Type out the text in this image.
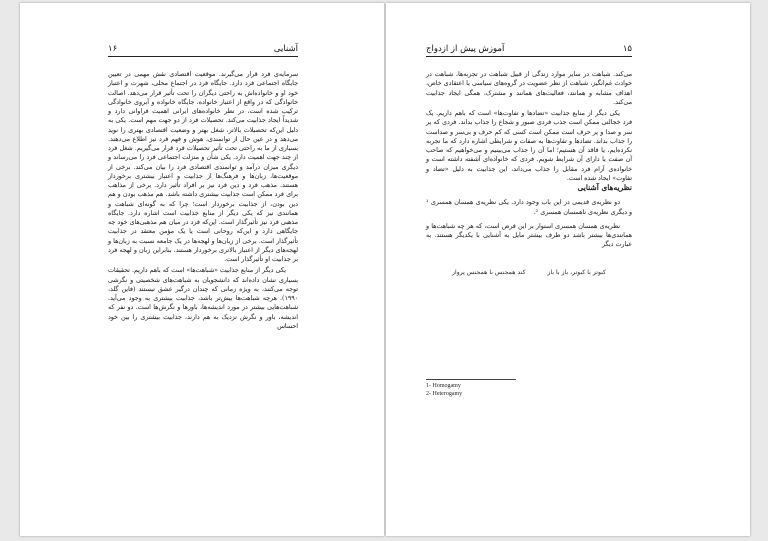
آشنایی
۱۶

سرمایه‌ی فرد قرار می‌گیرند. موقعیت اقتصادی نقش مهمی در تعیین جایگاه اجتماعی فرد دارد. جایگاه فرد در اجتماع محلی، شهرت و اعتبار خود او و خانواده‌اش به راحتی دیگران را تحت تأثیر قرار می‌دهد. اصالت خانوادگی که در واقع از اعتبار خانواده، جایگاه خانواده و آبروی خانوادگی ترکیب شده است، در نظر خانواده‌های ایرانی اهمیت فراوانی دارد و شدیداً ایجاد جذابیت می‌کند. تحصیلات فرد از دو جهت مهم است. یکی به دلیل این‌که تحصیلات بالاتر، شغل بهتر و وضعیت اقتصادی بهتری را نوید می‌دهد و در عین حال از توانمندی، هوش و فهم فرد نیز اطلاع می‌دهند. بسیاری از ما به راحتی تحت تأثیر تحصیلات فرد قرار می‌گیریم. شغل فرد از چند جهت اهمیت دارد. یکی شأن و منزلت اجتماعی فرد را می‌رساند و دیگری میزان درآمد و توانمندی اقتصادی فرد را بیان می‌کند. برخی از موقعیت‌ها، زبان‌ها و فرهنگ‌ها از جذابیت و اعتبار بیشتری برخوردار هستند. مذهب فرد و دین فرد نیز بر افراد تأثیر دارد. برخی از مذاهب برای فرد ممکن است جذابیت بیشتری داشته باشد. هم مذهب بودن و هم دین بودن، از جذابیت برخوردار است؛ چرا که به گونه‌ای شباهت و همانندی نیز که یکی دیگر از منابع جذابیت است اشاره دارد. جایگاه مذهبی فرد نیز تأثیرگذار است. این‌که فرد در میان هم مذهبی‌های خود چه جایگاهی دارد و این‌که روحانی است یا یک مؤمن معتقد در جذابیت تأثیرگذار است. برخی از زبان‌ها و لهجه‌ها در یک جامعه نسبت به زبان‌ها و لهجه‌های دیگر از اعتبار بالاتری برخوردار هستند. بنابراین زبان و لهجه فرد بر جذابیت او تأثیرگذار است.

یکی دیگر از منابع جذابیت «شباهت‌ها» است که باهم داریم. تحقیقات بسیاری نشان داده‌اند که دانشجویان به شباهت‌های شخصیتی و نگرشی توجه می‌کنند، به ویژه زمانی که چندان درگیر عشق نیستند (فاین گلد، ۱۹۹۰). هرچه شباهت‌ها بیش‌تر باشد، جذابیت بیشتری به وجود می‌آید. شباهت‌هایی بیشتر در مورد اندیشه‌ها، باورها و نگرش‌ها است. دو نفر که اندیشه، باور و نگرش نزدیک به هم دارند، جذابیت بیشتری را بین خود احساس

۱۵
آموزش پیش از ازدواج

می‌کند. شباهت در سایر موارد زندگی از قبیل شباهت در تجربه‌ها، شباهت در حوادث غم‌انگیز، شباهت از نظر عضویت در گروه‌های سیاسی یا اعتقادی خاص، اهداف مشابه و همانند، فعالیت‌های همانند و مشترک، همگی ایجاد جذابیت می‌کند.

یکی دیگر از منابع جذابیت «تضادها و تفاوت‌ها» است که باهم داریم. یک فرد خجالتی ممکن است جذب فردی صبور و شجاع را جذاب بداند. فردی که پر سر و صدا و پر حرف است ممکن است کسی که کم حرف و بی‌سر و صداست را جذاب بداند. تضادها و تفاوت‌ها به صفات و شرایطی اشاره دارد که ما تجربه نکرده‌ایم، یا فاقد آن هستیم؛ اما آن را جذاب می‌بینیم و می‌خواهیم که صاحب آن صفت یا دارای آن شرایط شویم. فردی که خانواده‌ای آشفته داشته است و خانواده‌ی آرام فرد مقابل را جذاب می‌داند، این جذابیت به دلیل «تضاد و تفاوت» ایجاد شده است.

نظریه‌های آشنایی

دو نظریه‌ی قدیمی در این باب وجود دارد. یکی نظریه‌ی همسان همسری ¹ و دیگری نظریه‌ی ناهمسان همسری ².

نظریه‌ی همسان همسری استوار بر این فرض است، که هر چه شباهت‌ها و همانندی‌ها بیشتر باشد دو طرف بیشتر مایل به آشنایی با یکدیگر هستند. به عبارت دیگر

کبوتر با کبوتر، باز با باز
کند همجنس با همجنس پرواز
1- Homogamy
2- Heterogamy
